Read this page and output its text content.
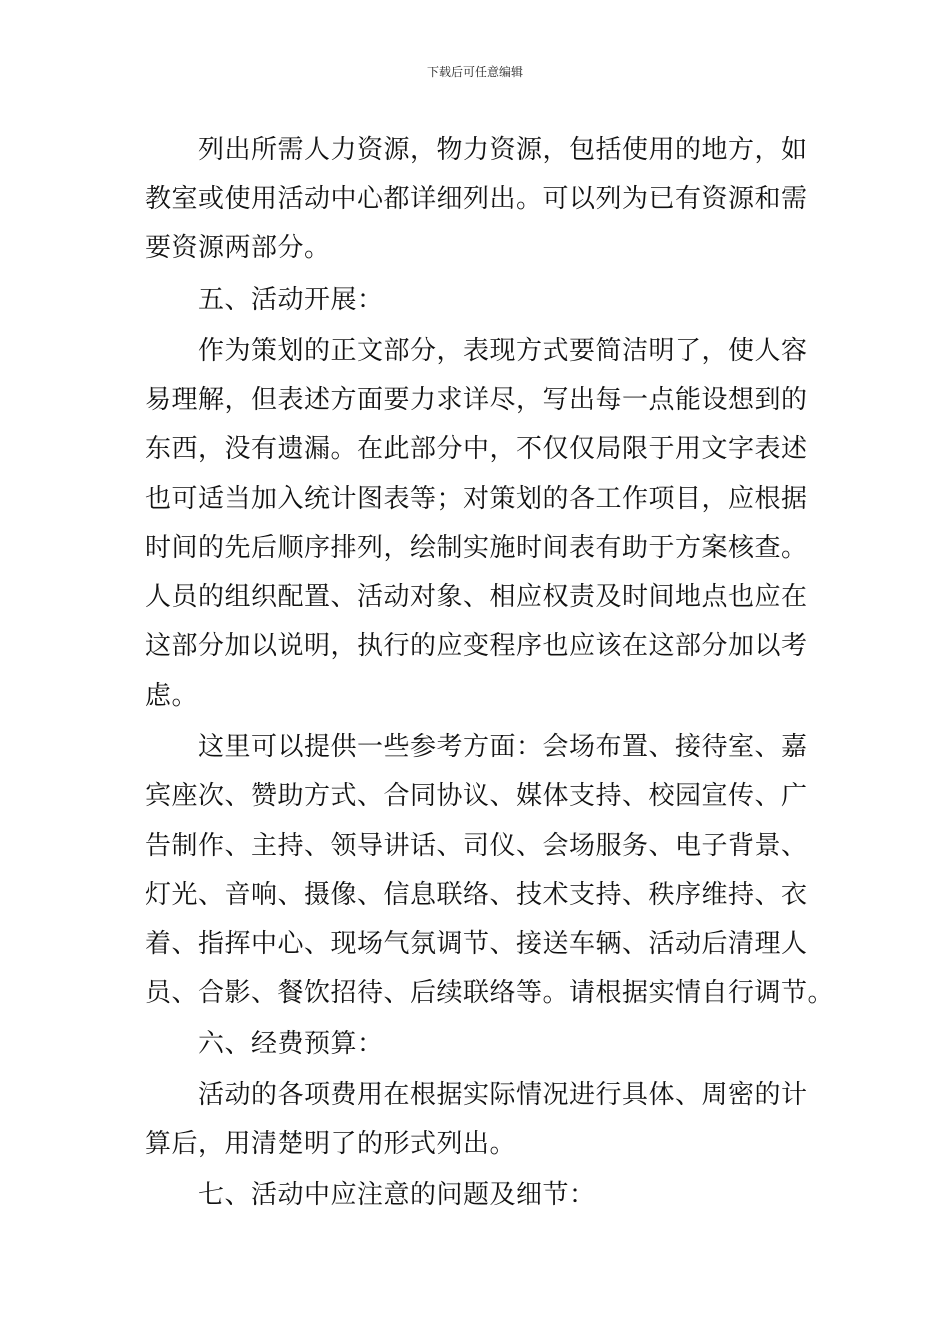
下载后可任意编辑
列出所需人力资源，物力资源，包括使用的地方，如
教室或使用活动中心都详细列出。可以列为已有资源和需
要资源两部分。
五、活动开展：
作为策划的正文部分，表现方式要简洁明了，使人容
易理解，但表述方面要力求详尽，写出每一点能设想到的
东西，没有遗漏。在此部分中，不仅仅局限于用文字表述
也可适当加入统计图表等；对策划的各工作项目，应根据
时间的先后顺序排列，绘制实施时间表有助于方案核查。
人员的组织配置、活动对象、相应权责及时间地点也应在
这部分加以说明，执行的应变程序也应该在这部分加以考
虑。
这里可以提供一些参考方面：会场布置、接待室、嘉
宾座次、赞助方式、合同协议、媒体支持、校园宣传、广
告制作、主持、领导讲话、司仪、会场服务、电子背景、
灯光、音响、摄像、信息联络、技术支持、秩序维持、衣
着、指挥中心、现场气氛调节、接送车辆、活动后清理人
员、合影、餐饮招待、后续联络等。请根据实情自行调节。
六、经费预算：
活动的各项费用在根据实际情况进行具体、周密的计
算后，用清楚明了的形式列出。
七、活动中应注意的问题及细节：
